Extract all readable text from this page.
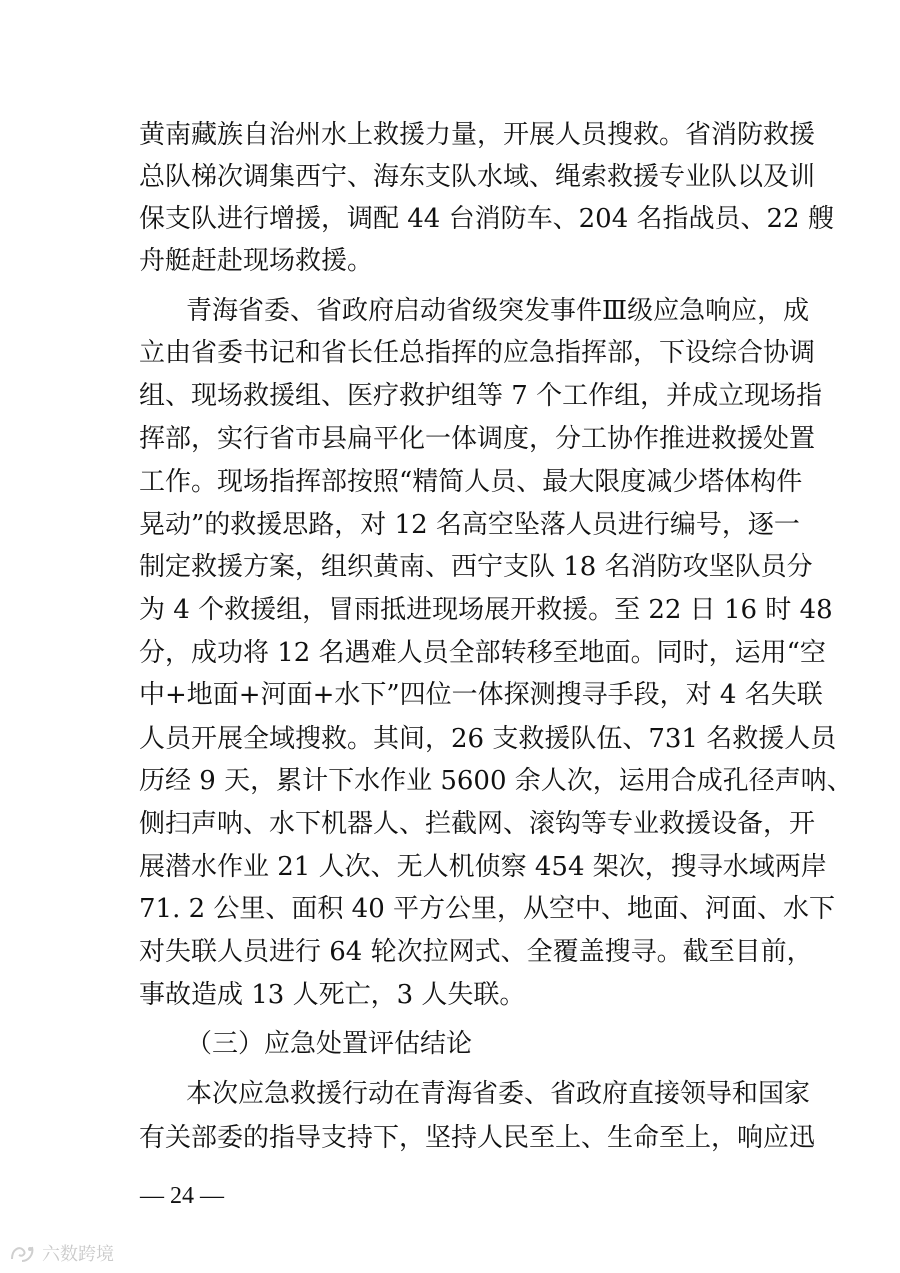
黄南藏族自治州水上救援力量，开展人员搜救。省消防救援
总队梯次调集西宁、海东支队水域、绳索救援专业队以及训
保支队进行增援，调配 44 台消防车、204 名指战员、22 艘
舟艇赶赴现场救援。
青海省委、省政府启动省级突发事件Ⅲ级应急响应，成
立由省委书记和省长任总指挥的应急指挥部，下设综合协调
组、现场救援组、医疗救护组等 7 个工作组，并成立现场指
挥部，实行省市县扁平化一体调度，分工协作推进救援处置
工作。现场指挥部按照“精简人员、最大限度减少塔体构件
晃动”的救援思路，对 12 名高空坠落人员进行编号，逐一
制定救援方案，组织黄南、西宁支队 18 名消防攻坚队员分
为 4 个救援组，冒雨抵进现场展开救援。至 22 日 16 时 48
分，成功将 12 名遇难人员全部转移至地面。同时，运用“空
中+地面+河面+水下”四位一体探测搜寻手段，对 4 名失联
人员开展全域搜救。其间，26 支救援队伍、731 名救援人员
历经 9 天，累计下水作业 5600 余人次，运用合成孔径声呐、
侧扫声呐、水下机器人、拦截网、滚钩等专业救援设备，开
展潜水作业 21 人次、无人机侦察 454 架次，搜寻水域两岸
71. 2 公里、面积 40 平方公里，从空中、地面、河面、水下
对失联人员进行 64 轮次拉网式、全覆盖搜寻。截至目前，
事故造成 13 人死亡，3 人失联。
（三）应急处置评估结论
本次应急救援行动在青海省委、省政府直接领导和国家
有关部委的指导支持下，坚持人民至上、生命至上，响应迅
— 24 —
六数跨境
